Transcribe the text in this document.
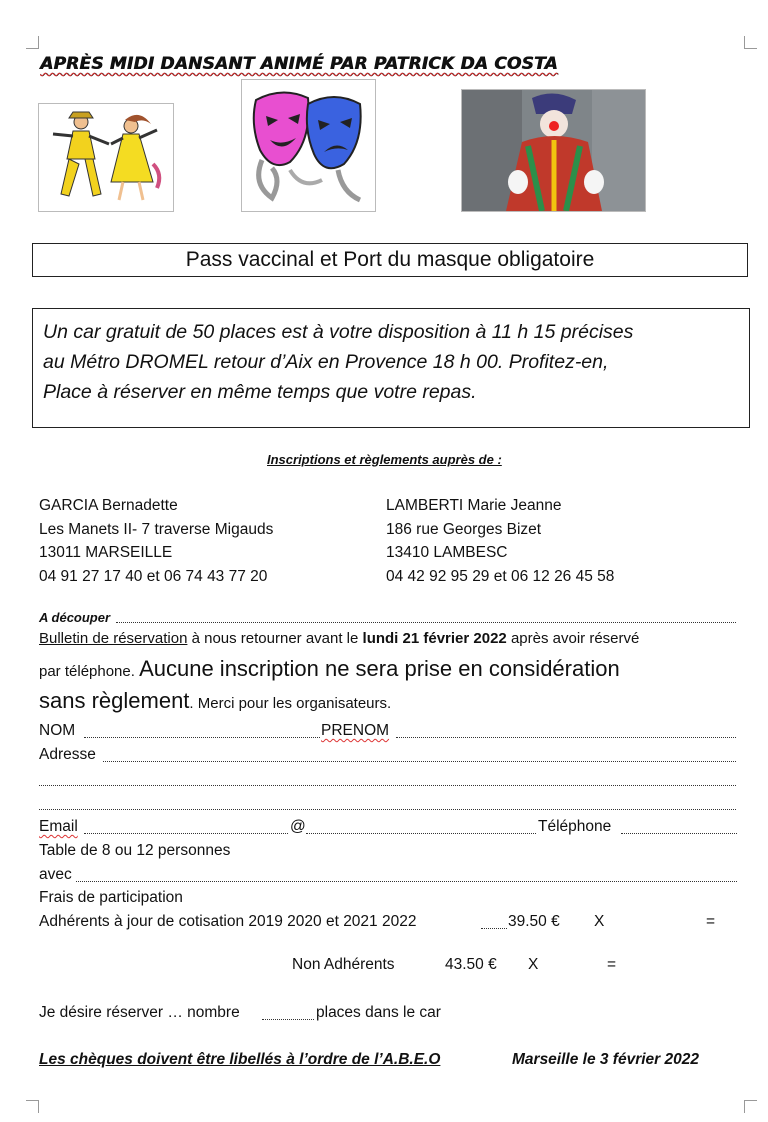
APRÈS MIDI DANSANT ANIMÉ PAR PATRICK DA COSTA
Pass vaccinal et Port du masque obligatoire
Un car gratuit de 50 places est à votre disposition à 11 h 15 précises
au Métro DROMEL retour d’Aix en Provence 18 h 00. Profitez-en,
Place à réserver en même temps que votre repas.
Inscriptions et règlements auprès de :
GARCIA Bernadette
Les Manets II- 7 traverse Migauds
13011 MARSEILLE
04 91 27 17 40 et 06 74 43 77 20
LAMBERTI Marie Jeanne
186 rue Georges Bizet
13410 LAMBESC
04 42 92 95 29 et 06 12 26 45 58
A découper
Bulletin de réservation à nous retourner avant le lundi 21 février 2022 après avoir réservé
par téléphone. Aucune inscription ne sera prise en considération
sans règlement. Merci pour les organisateurs.
NOM	PRENOM
Adresse
Email	@	Téléphone
Table de 8 ou 12 personnes
avec
Frais de participation
Adhérents à jour de cotisation 2019 2020 et 2021 2022	39.50 € X	=
Non Adhérents	43.50 € X	=
Je désire réserver … nombre	places dans le car
Les chèques doivent être libellés à l’ordre de l’A.B.E.O	Marseille le 3 février 2022
